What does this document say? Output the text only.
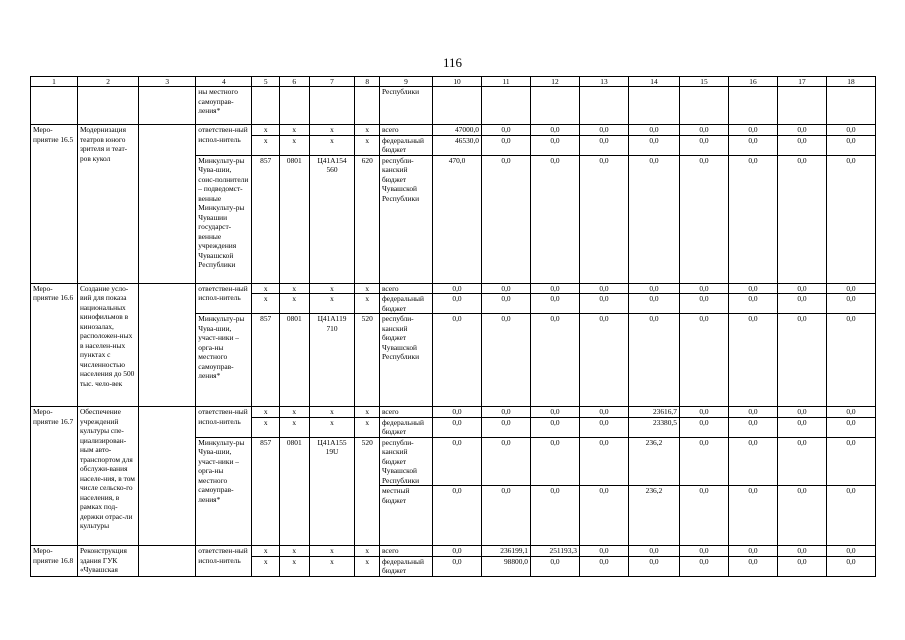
116
1	2	3	4	5	6	7	8	9	10	11	12	13	14	15	16	17	18
			ны местного самоуправ-ления*					Республики									
Меро-приятие 16.5	Модернизация театров юного зрителя и теат-ров кукол		ответствен-ный испол-нитель	x	x	x	x	всего	47000,0	0,0	0,0	0,0	0,0	0,0	0,0	0,0	0,0
				x	x	x	x	федеральный бюджет	46530,0	0,0	0,0	0,0	0,0	0,0	0,0	0,0	0,0
			Минкульту-ры Чува-шии, соис-полнители – подведомст-венные Минкульту-ры Чувашии государст-венные учреждения Чувашской Республики	857	0801	Ц41А154 560	620	республи-канский бюджет Чувашской Республики	470,0	0,0	0,0	0,0	0,0	0,0	0,0	0,0	0,0
Меро-приятие 16.6	Создание усло-вий для показа национальных кинофильмов в кинозалах, расположен-ных в населен-ных пунктах с численностью населения до 500 тыс. чело-век		ответствен-ный испол-нитель	x	x	x	x	всего	0,0	0,0	0,0	0,0	0,0	0,0	0,0	0,0	0,0
				x	x	x	x	федеральный бюджет	0,0	0,0	0,0	0,0	0,0	0,0	0,0	0,0	0,0
			Минкульту-ры Чува-шии, участ-ники – орга-ны местного самоуправ-ления*	857	0801	Ц41А119 710	520	республи-канский бюджет Чувашской Республики	0,0	0,0	0,0	0,0	0,0	0,0	0,0	0,0	0,0
Меро-приятие 16.7	Обеспечение учреждений культуры спе-циализирован-ным авто-транспортом для обслужи-вания населе-ния, в том числе сельско-го населения, в рамках под-держки отрас-ли культуры		ответствен-ный испол-нитель	x	x	x	x	всего	0,0	0,0	0,0	0,0	23616,7	0,0	0,0	0,0	0,0
				x	x	x	x	федеральный бюджет	0,0	0,0	0,0	0,0	23380,5	0,0	0,0	0,0	0,0
			Минкульту-ры Чува-шии, участ-ники – орга-ны местного самоуправ-ления*	857	0801	Ц41А155 19U	520	республи-канский бюджет Чувашской Республики	0,0	0,0	0,0	0,0	236,2	0,0	0,0	0,0	0,0
								местный бюджет	0,0	0,0	0,0	0,0	236,2	0,0	0,0	0,0	0,0
Меро-приятие 16.8	Реконструкция здания ГУК «Чувашская		ответствен-ный испол-нитель	x	x	x	x	всего	0,0	236199,1	251193,3	0,0	0,0	0,0	0,0	0,0	0,0
				x	x	x	x	федеральный бюджет	0,0	98800,0	0,0	0,0	0,0	0,0	0,0	0,0	0,0
